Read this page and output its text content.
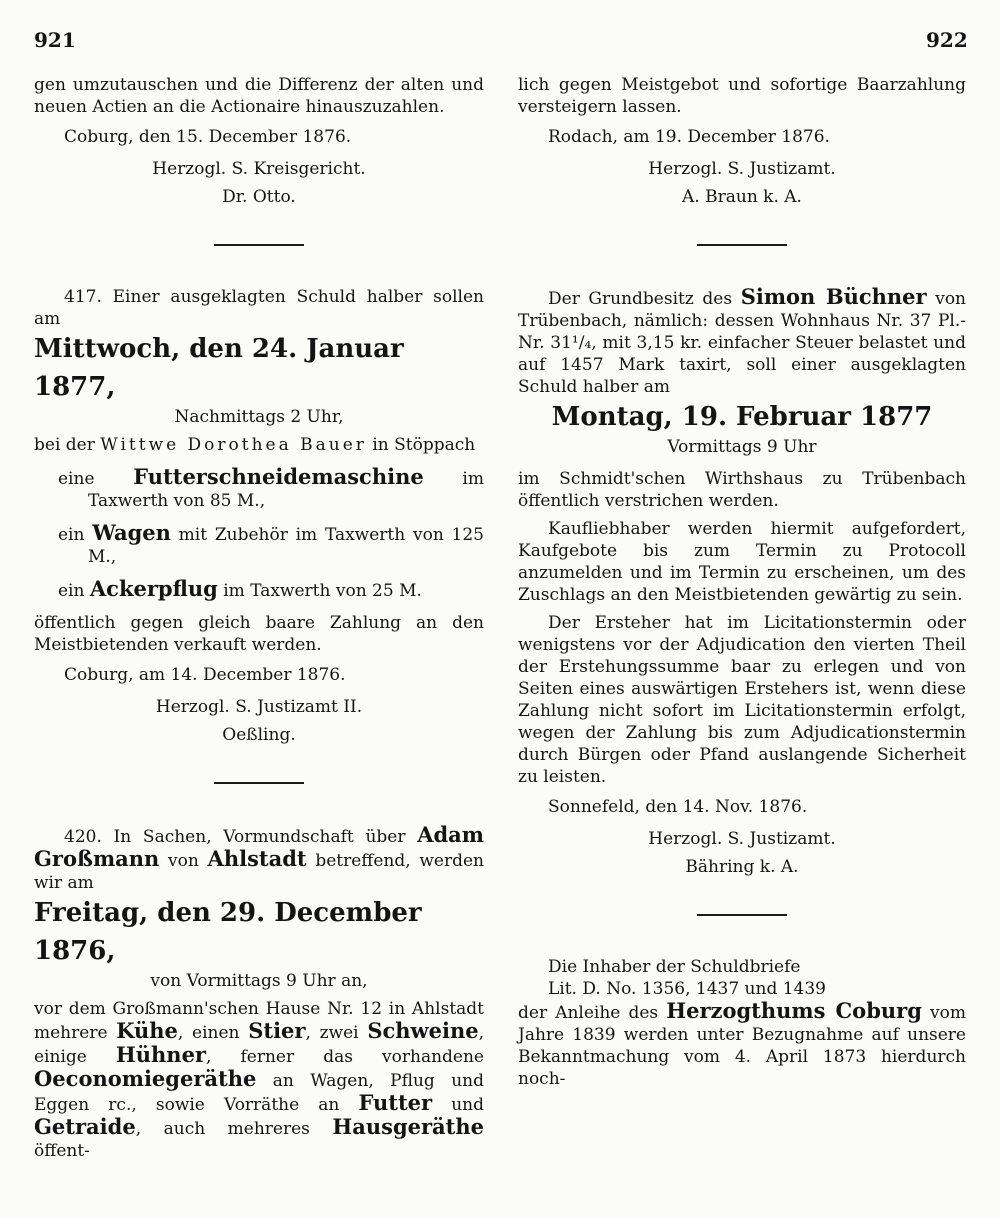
921	922

gen umzutauschen und die Differenz der alten und neuen Actien an die Actionaire hinauszuzahlen.

Coburg, den 15. December 1876.

Herzogl. S. Kreisgericht.

Dr. Otto.

417. Einer ausgeklagten Schuld halber sollen am

Mittwoch, den 24. Januar 1877,

Nachmittags 2 Uhr,

bei der Wittwe Dorothea Bauer in Stöppach

eine Futterschneidemaschine im Taxwerth von 85 M.,

ein Wagen mit Zubehör im Taxwerth von 125 M.,

ein Ackerpflug im Taxwerth von 25 M.

öffentlich gegen gleich baare Zahlung an den Meistbietenden verkauft werden.

Coburg, am 14. December 1876.

Herzogl. S. Justizamt II.

Oeßling.

420. In Sachen, Vormundschaft über Adam Großmann von Ahlstadt betreffend, werden wir am

Freitag, den 29. December 1876,

von Vormittags 9 Uhr an,

vor dem Großmann'schen Hause Nr. 12 in Ahlstadt mehrere Kühe, einen Stier, zwei Schweine, einige Hühner, ferner das vorhandene Oeconomiegeräthe an Wagen, Pflug und Eggen rc., sowie Vorräthe an Futter und Getraide, auch mehreres Hausgeräthe öffent-

lich gegen Meistgebot und sofortige Baarzahlung versteigern lassen.

Rodach, am 19. December 1876.

Herzogl. S. Justizamt.

A. Braun k. A.

Der Grundbesitz des Simon Büchner von Trübenbach, nämlich: dessen Wohnhaus Nr. 37 Pl.-Nr. 31¹/₄, mit 3,15 kr. einfacher Steuer belastet und auf 1457 Mark taxirt, soll einer ausgeklagten Schuld halber am

Montag, 19. Februar 1877

Vormittags 9 Uhr

im Schmidt'schen Wirthshaus zu Trübenbach öffentlich verstrichen werden.

Kaufliebhaber werden hiermit aufgefordert, Kaufgebote bis zum Termin zu Protocoll anzumelden und im Termin zu erscheinen, um des Zuschlags an den Meistbietenden gewärtig zu sein.

Der Ersteher hat im Licitationstermin oder wenigstens vor der Adjudication den vierten Theil der Erstehungssumme baar zu erlegen und von Seiten eines auswärtigen Erstehers ist, wenn diese Zahlung nicht sofort im Licitationstermin erfolgt, wegen der Zahlung bis zum Adjudicationstermin durch Bürgen oder Pfand auslangende Sicherheit zu leisten.

Sonnefeld, den 14. Nov. 1876.

Herzogl. S. Justizamt.

Bähring k. A.

Die Inhaber der Schuldbriefe

Lit. D. No. 1356, 1437 und 1439

der Anleihe des Herzogthums Coburg vom Jahre 1839 werden unter Bezugnahme auf unsere Bekanntmachung vom 4. April 1873 hierdurch noch-
